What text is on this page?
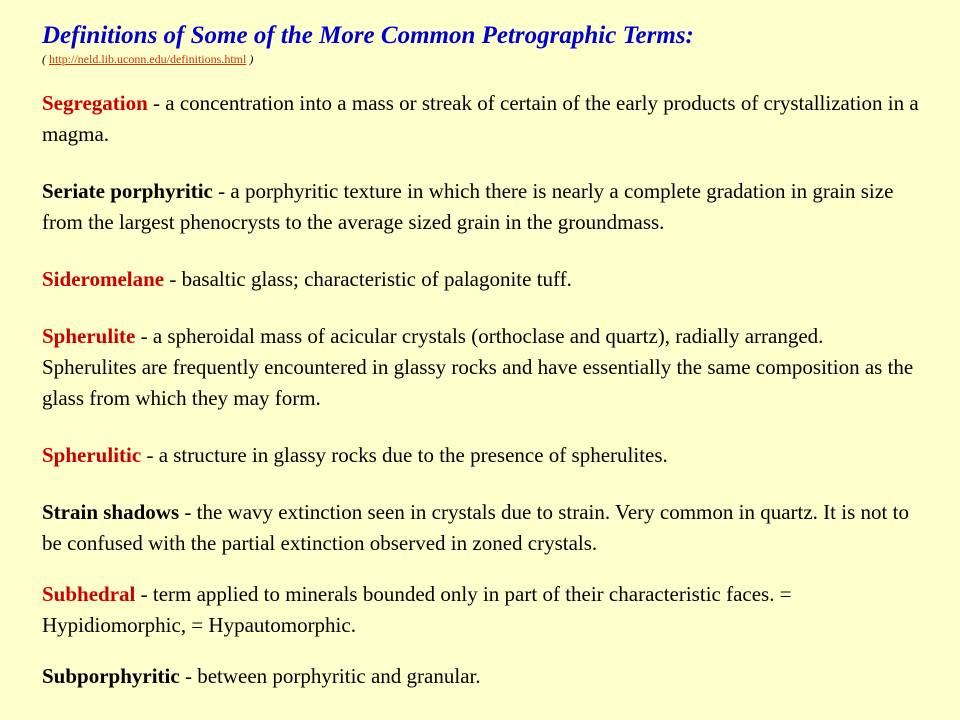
Definitions of Some of the More Common Petrographic Terms:

( http://neld.lib.uconn.edu/definitions.html )

Segregation - a concentration into a mass or streak of certain of the early products of crystallization in a magma.

Seriate porphyritic - a porphyritic texture in which there is nearly a complete gradation in grain size from the largest phenocrysts to the average sized grain in the groundmass.

Sideromelane - basaltic glass; characteristic of palagonite tuff.

Spherulite - a spheroidal mass of acicular crystals (orthoclase and quartz), radially arranged. Spherulites are frequently encountered in glassy rocks and have essentially the same composition as the glass from which they may form.

Spherulitic - a structure in glassy rocks due to the presence of spherulites.

Strain shadows - the wavy extinction seen in crystals due to strain. Very common in quartz. It is not to be confused with the partial extinction observed in zoned crystals.

Subhedral - term applied to minerals bounded only in part of their characteristic faces. = Hypidiomorphic, = Hypautomorphic.

Subporphyritic - between porphyritic and granular.
